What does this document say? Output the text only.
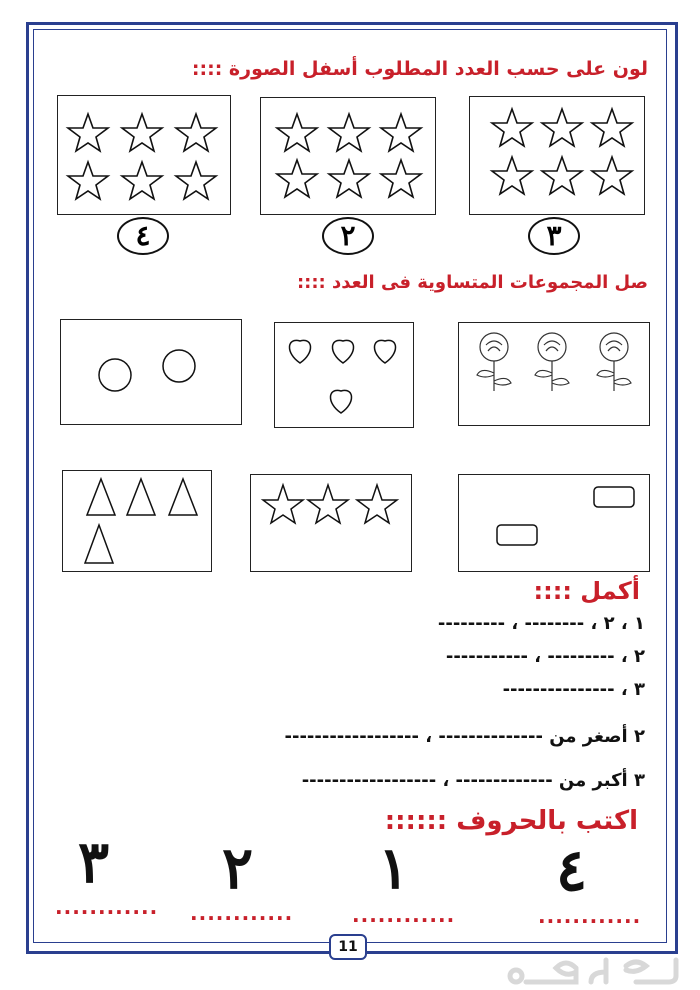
لون على حسب العدد المطلوب أسفل الصورة ::::
٤	٢	٣
صل المجموعات المتساوية فى العدد ::::
أكمل ::::
١ ، ٢ ، -------- ، ---------
٢ ، --------- ، -----------
٣ ، ---------------
٢ أصغر من -------------- ، ------------------
٣ أكبر من ------------- ، ------------------
اكتب بالحروف ::::::
٣ ٢ ١	٤
............ ............	............	............
11
